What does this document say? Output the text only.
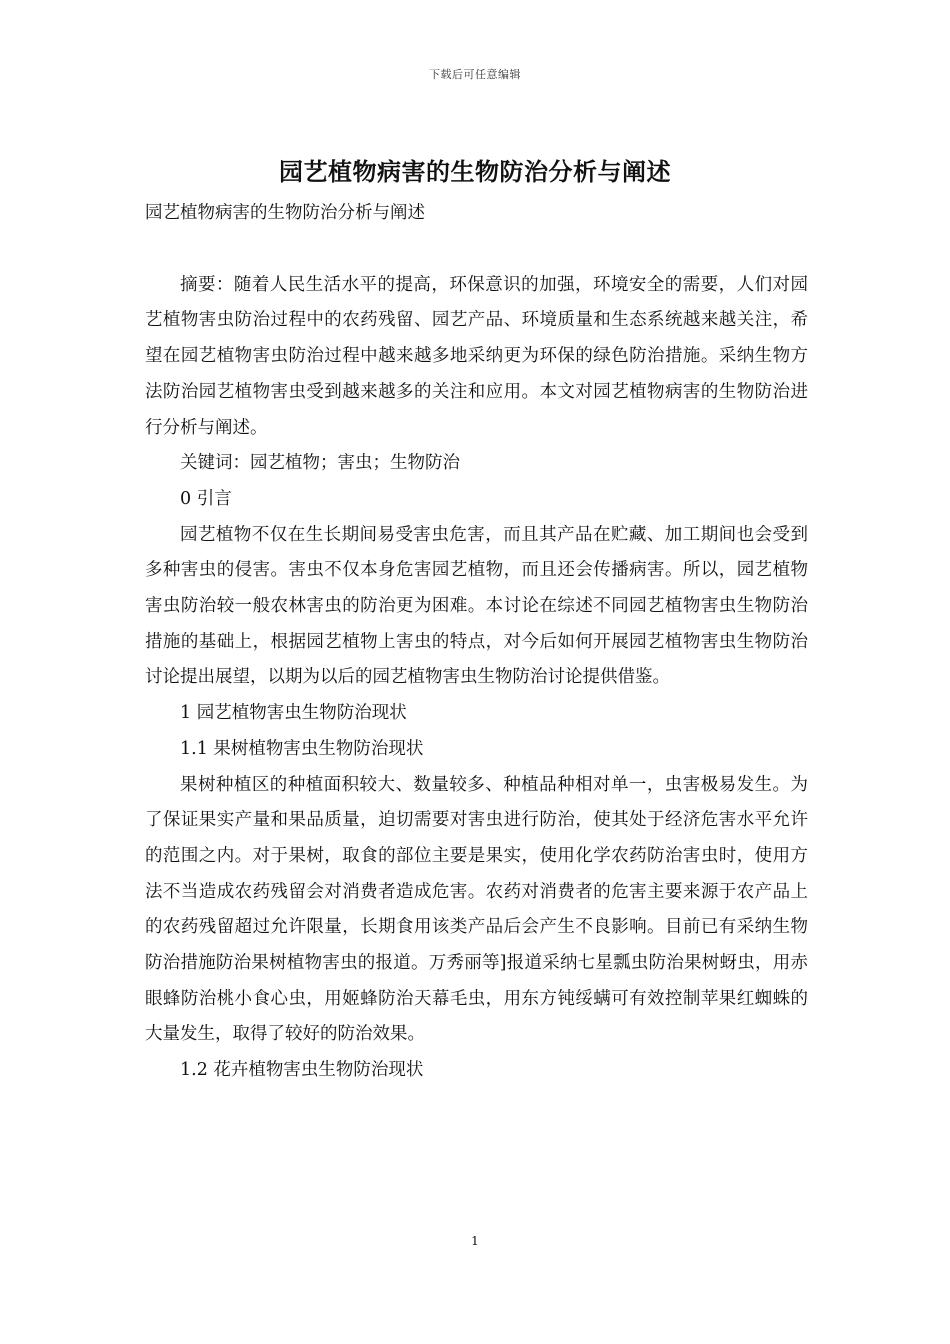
下载后可任意编辑
园艺植物病害的生物防治分析与阐述

园艺植物病害的生物防治分析与阐述

摘要：随着人民生活水平的提高，环保意识的加强，环境安全的需要，人们对园艺植物害虫防治过程中的农药残留、园艺产品、环境质量和生态系统越来越关注，希望在园艺植物害虫防治过程中越来越多地采纳更为环保的绿色防治措施。采纳生物方法防治园艺植物害虫受到越来越多的关注和应用。本文对园艺植物病害的生物防治进行分析与阐述。

关键词：园艺植物；害虫；生物防治

0 引言

园艺植物不仅在生长期间易受害虫危害，而且其产品在贮藏、加工期间也会受到多种害虫的侵害。害虫不仅本身危害园艺植物，而且还会传播病害。所以，园艺植物害虫防治较一般农林害虫的防治更为困难。本讨论在综述不同园艺植物害虫生物防治措施的基础上，根据园艺植物上害虫的特点，对今后如何开展园艺植物害虫生物防治讨论提出展望，以期为以后的园艺植物害虫生物防治讨论提供借鉴。

1 园艺植物害虫生物防治现状

1.1 果树植物害虫生物防治现状

果树种植区的种植面积较大、数量较多、种植品种相对单一，虫害极易发生。为了保证果实产量和果品质量，迫切需要对害虫进行防治，使其处于经济危害水平允许的范围之内。对于果树，取食的部位主要是果实，使用化学农药防治害虫时，使用方法不当造成农药残留会对消费者造成危害。农药对消费者的危害主要来源于农产品上的农药残留超过允许限量，长期食用该类产品后会产生不良影响。目前已有采纳生物防治措施防治果树植物害虫的报道。万秀丽等]报道采纳七星瓢虫防治果树蚜虫，用赤眼蜂防治桃小食心虫，用姬蜂防治天幕毛虫，用东方钝绥螨可有效控制苹果红蜘蛛的大量发生，取得了较好的防治效果。

1.2 花卉植物害虫生物防治现状

1
